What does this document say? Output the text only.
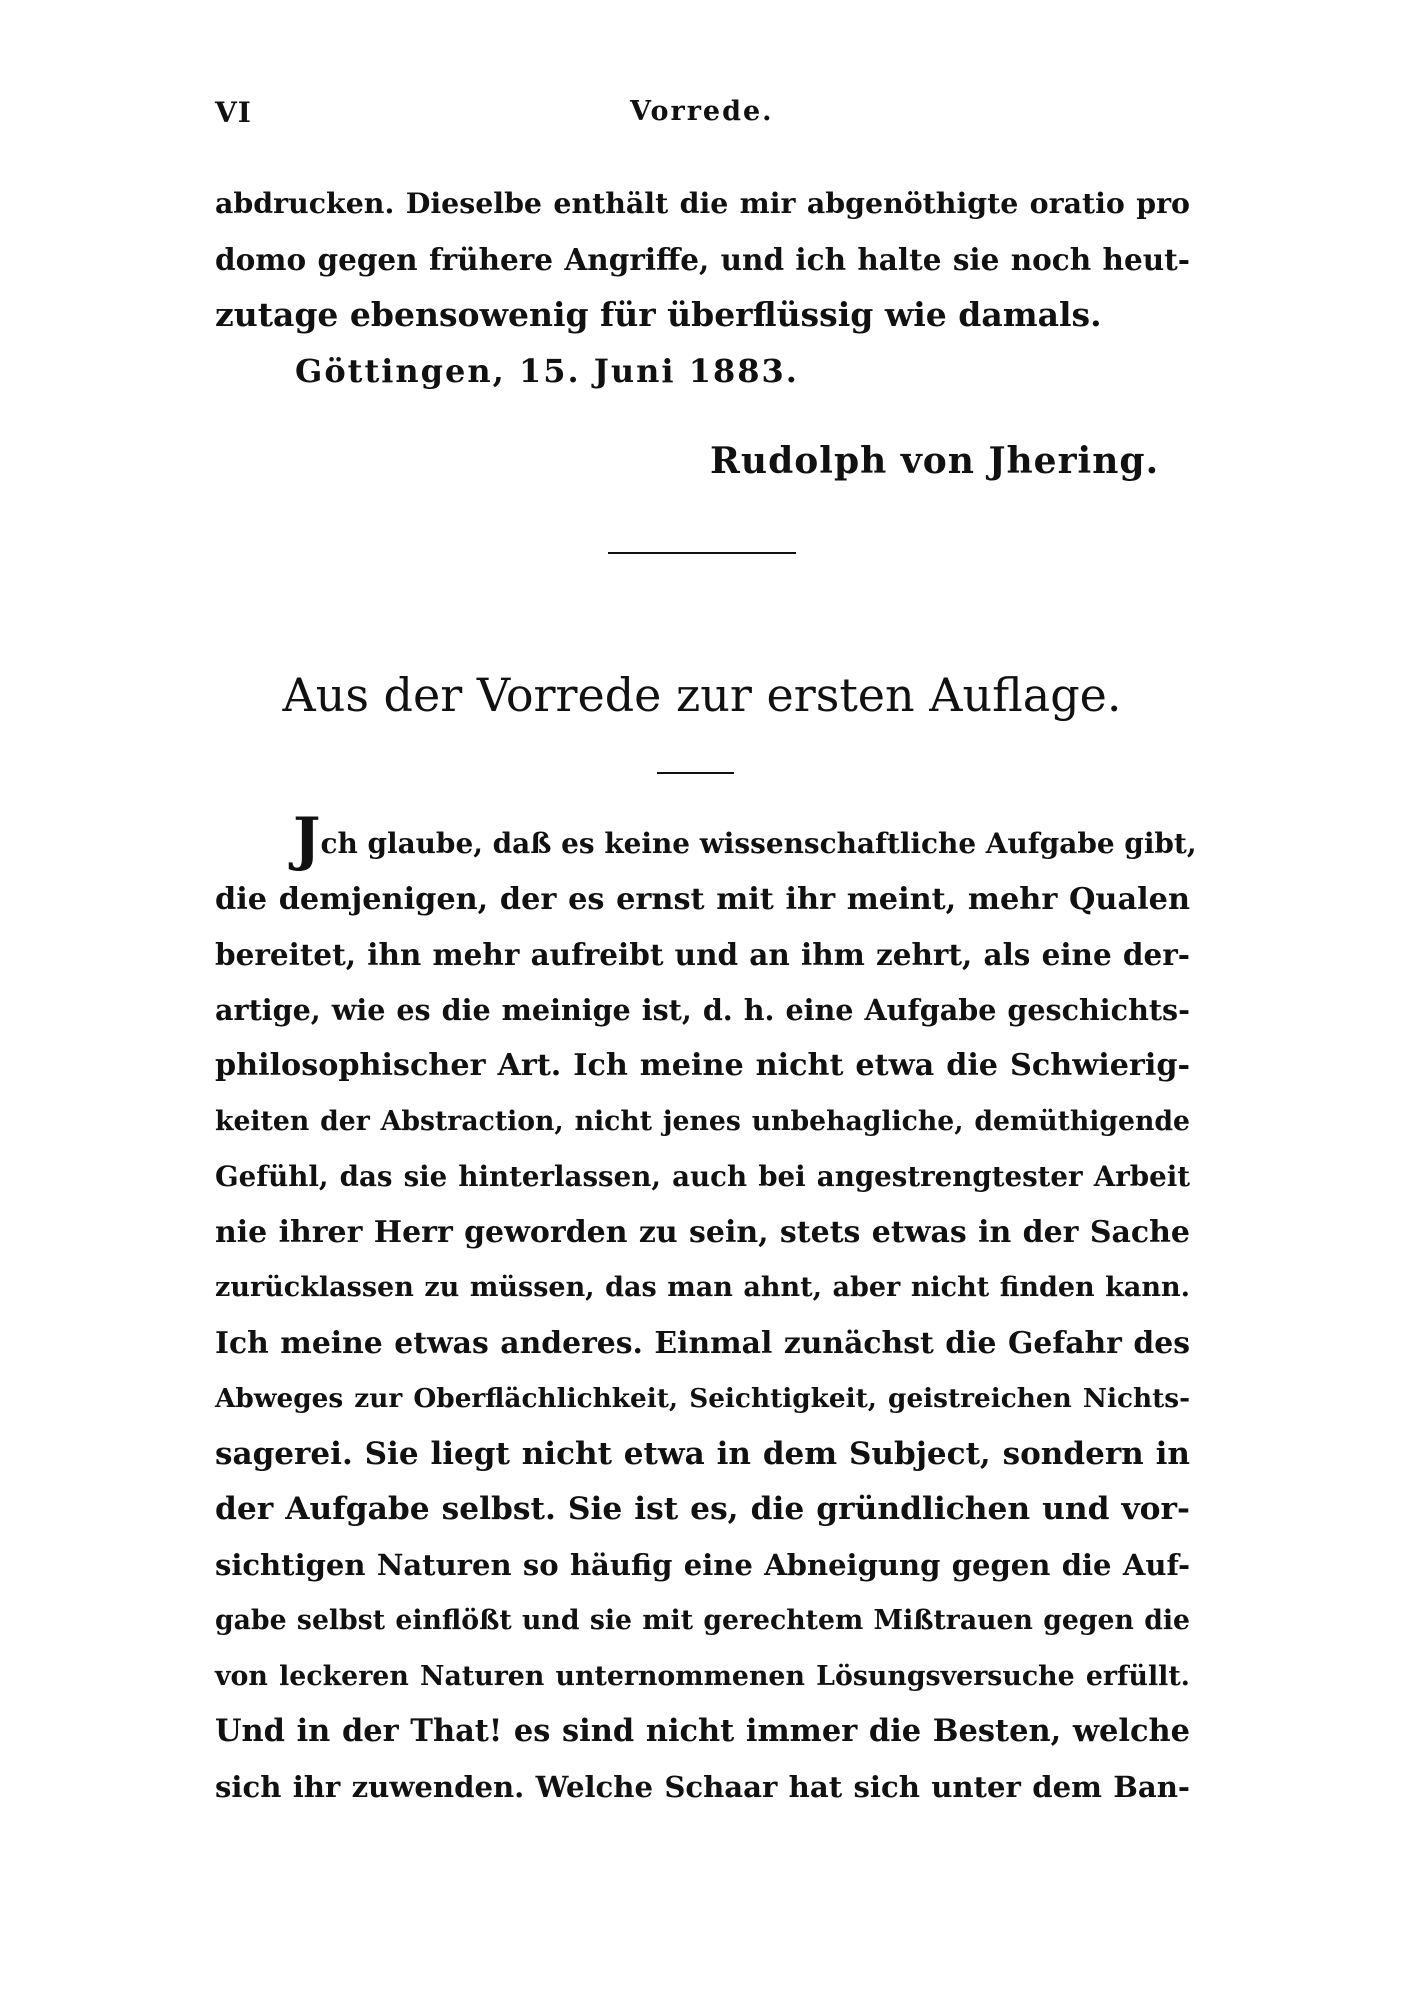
VI	Vorrede.
abdrucken. Dieselbe enthält die mir abgenöthigte oratio pro
domo gegen frühere Angriffe, und ich halte sie noch heut-
zutage ebensowenig für überflüssig wie damals.
Göttingen, 15. Juni 1883.
Rudolph von Jhering.
Aus der Vorrede zur ersten Auflage.
Jch glaube, daß es keine wissenschaftliche Aufgabe gibt,
die demjenigen, der es ernst mit ihr meint, mehr Qualen
bereitet, ihn mehr aufreibt und an ihm zehrt, als eine der-
artige, wie es die meinige ist, d. h. eine Aufgabe geschichts-
philosophischer Art. Ich meine nicht etwa die Schwierig-
keiten der Abstraction, nicht jenes unbehagliche, demüthigende
Gefühl, das sie hinterlassen, auch bei angestrengtester Arbeit
nie ihrer Herr geworden zu sein, stets etwas in der Sache
zurücklassen zu müssen, das man ahnt, aber nicht finden kann.
Ich meine etwas anderes. Einmal zunächst die Gefahr des
Abweges zur Oberflächlichkeit, Seichtigkeit, geistreichen Nichts-
sagerei. Sie liegt nicht etwa in dem Subject, sondern in
der Aufgabe selbst. Sie ist es, die gründlichen und vor-
sichtigen Naturen so häufig eine Abneigung gegen die Auf-
gabe selbst einflößt und sie mit gerechtem Mißtrauen gegen die
von leckeren Naturen unternommenen Lösungsversuche erfüllt.
Und in der That! es sind nicht immer die Besten, welche
sich ihr zuwenden. Welche Schaar hat sich unter dem Ban-
